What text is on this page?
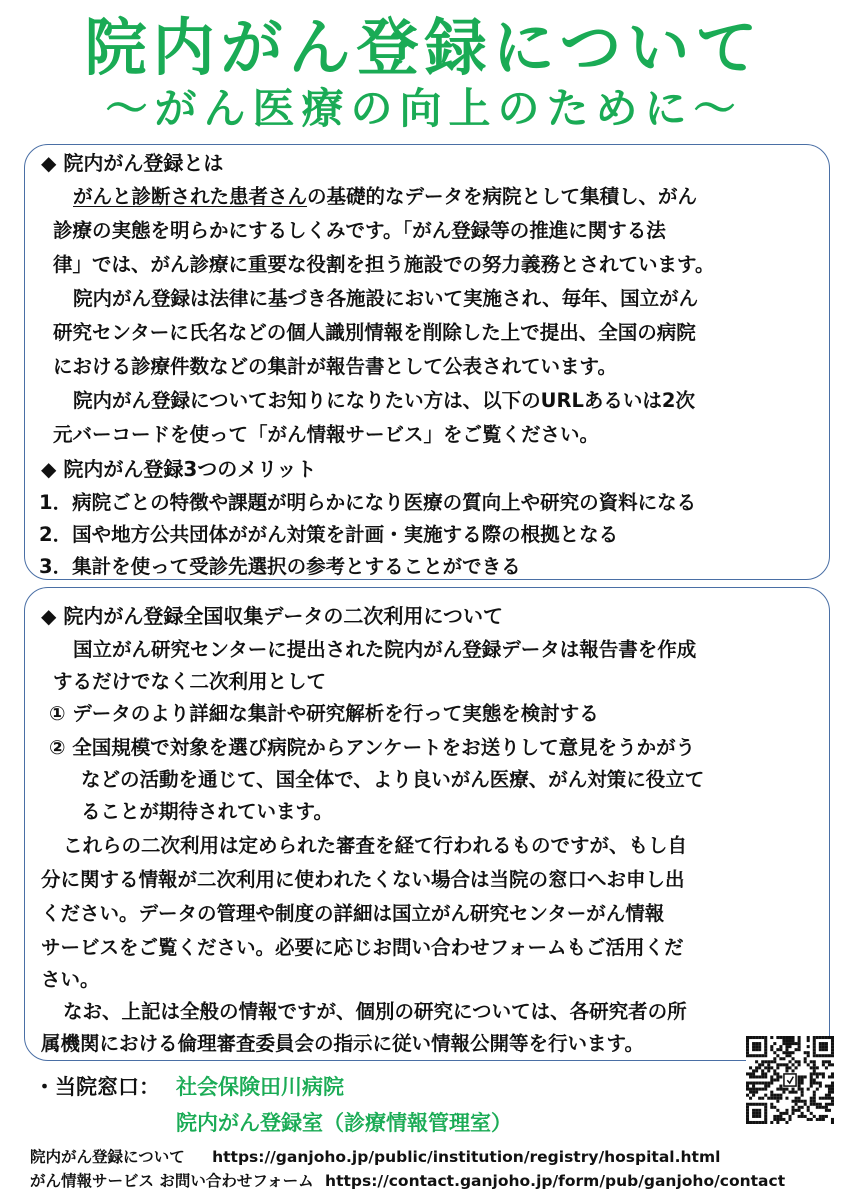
院内がん登録について
～がん医療の向上のために～
◆ 院内がん登録とは
がんと診断された患者さんの基礎的なデータを病院として集積し、がん
診療の実態を明らかにするしくみです。「がん登録等の推進に関する法
律」では、がん診療に重要な役割を担う施設での努力義務とされています。
院内がん登録は法律に基づき各施設において実施され、毎年、国立がん
研究センターに氏名などの個人識別情報を削除した上で提出、全国の病院
における診療件数などの集計が報告書として公表されています。
院内がん登録についてお知りになりたい方は、以下のURLあるいは2次
元バーコードを使って「がん情報サービス」をご覧ください。
◆ 院内がん登録3つのメリット
1．病院ごとの特徴や課題が明らかになり医療の質向上や研究の資料になる
2．国や地方公共団体ががん対策を計画・実施する際の根拠となる
3．集計を使って受診先選択の参考とすることができる
◆ 院内がん登録全国収集データの二次利用について
国立がん研究センターに提出された院内がん登録データは報告書を作成
するだけでなく二次利用として
① データのより詳細な集計や研究解析を行って実態を検討する
② 全国規模で対象を選び病院からアンケートをお送りして意見をうかがう
などの活動を通じて、国全体で、より良いがん医療、がん対策に役立て
ることが期待されています。
これらの二次利用は定められた審査を経て行われるものですが、もし自
分に関する情報が二次利用に使われたくない場合は当院の窓口へお申し出
ください。データの管理や制度の詳細は国立がん研究センターがん情報
サービスをご覧ください。必要に応じお問い合わせフォームもご活用くだ
さい。
なお、上記は全般の情報ですが、個別の研究については、各研究者の所
属機関における倫理審査委員会の指示に従い情報公開等を行います。
・当院窓口： 社会保険田川病院
院内がん登録室（診療情報管理室）
院内がん登録について https://ganjoho.jp/public/institution/registry/hospital.html
がん情報サービス お問い合わせフォーム https://contact.ganjoho.jp/form/pub/ganjoho/contact
